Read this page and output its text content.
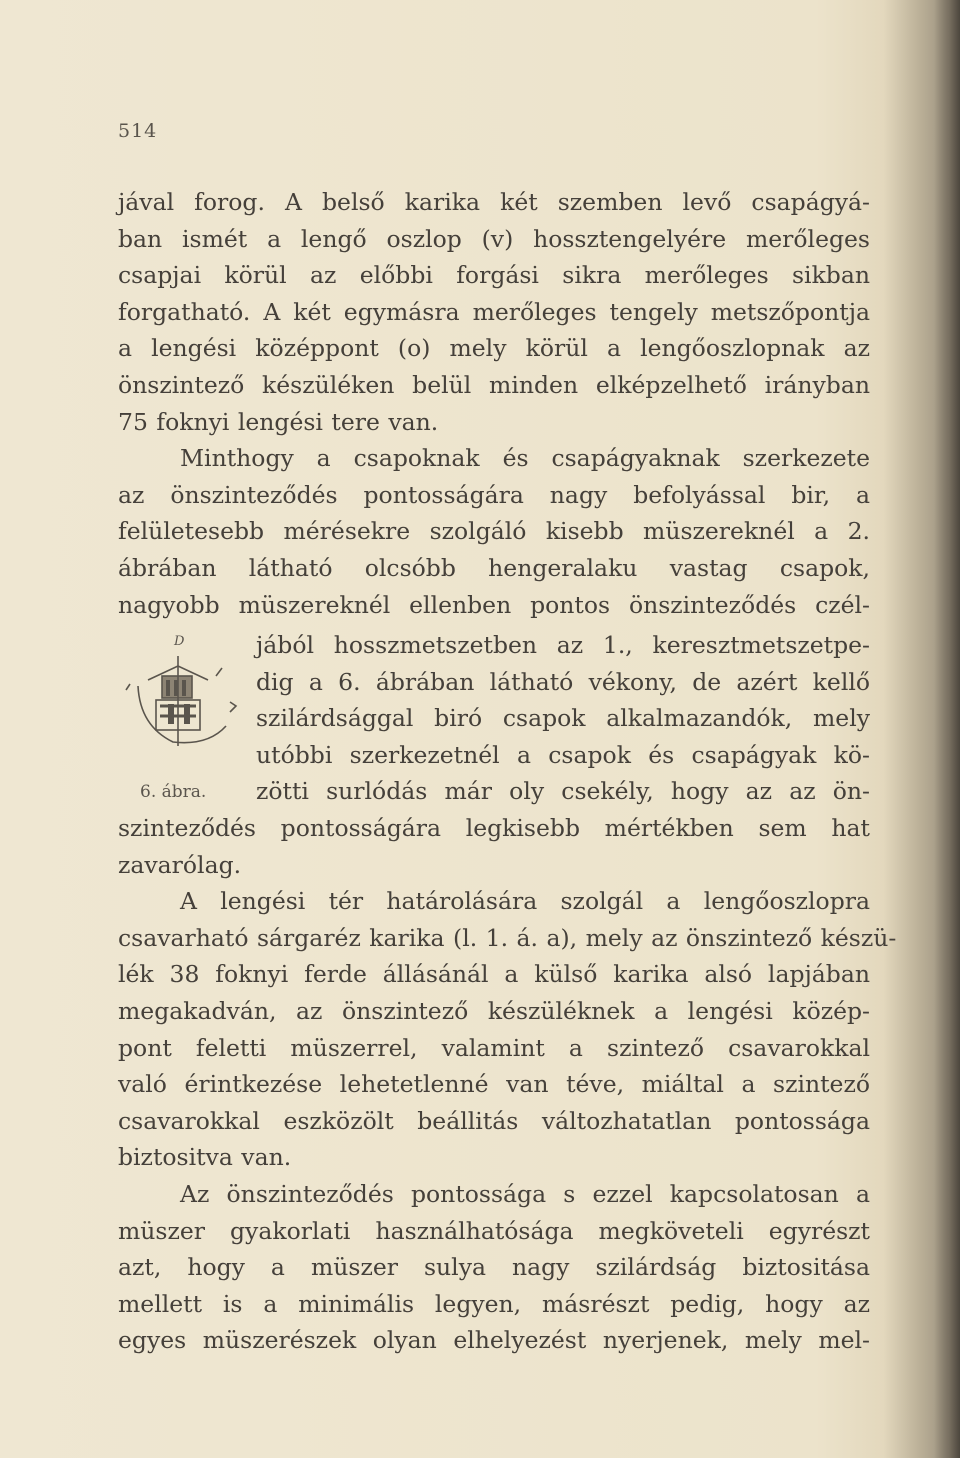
514
jával forog. A belső karika két szemben levő csapágyá-
ban ismét a lengő oszlop (v) hossztengelyére merőleges
csapjai körül az előbbi forgási sikra merőleges sikban
forgatható. A két egymásra merőleges tengely metszőpontja
a lengési középpont (o) mely körül a lengőoszlopnak az
önszintező készüléken belül minden elképzelhető irányban
75 foknyi lengési tere van.
Minthogy a csapoknak és csapágyaknak szerkezete
az önszinteződés pontosságára nagy befolyással bir, a
felületesebb mérésekre szolgáló kisebb müszereknél a 2.
ábrában látható olcsóbb hengeralaku vastag csapok,
nagyobb müszereknél ellenben pontos önszinteződés czél-
D
6. ábra.
jából hosszmetszetben az 1., keresztmetszetpe-
dig a 6. ábrában látható vékony, de azért kellő
szilárdsággal biró csapok alkalmazandók, mely
utóbbi szerkezetnél a csapok és csapágyak kö-
zötti surlódás már oly csekély, hogy az az ön-
szinteződés pontosságára legkisebb mértékben sem hat
zavarólag.
A lengési tér határolására szolgál a lengőoszlopra
csavarható sárgaréz karika (l. 1. á. a), mely az önszintező készü-
lék 38 foknyi ferde állásánál a külső karika alsó lapjában
megakadván, az önszintező készüléknek a lengési közép-
pont feletti müszerrel, valamint a szintező csavarokkal
való érintkezése lehetetlenné van téve, miáltal a szintező
csavarokkal eszközölt beállitás változhatatlan pontossága
biztositva van.
Az önszinteződés pontossága s ezzel kapcsolatosan a
müszer gyakorlati használhatósága megköveteli egyrészt
azt, hogy a müszer sulya nagy szilárdság biztositása
mellett is a minimális legyen, másrészt pedig, hogy az
egyes müszerészek olyan elhelyezést nyerjenek, mely mel-
